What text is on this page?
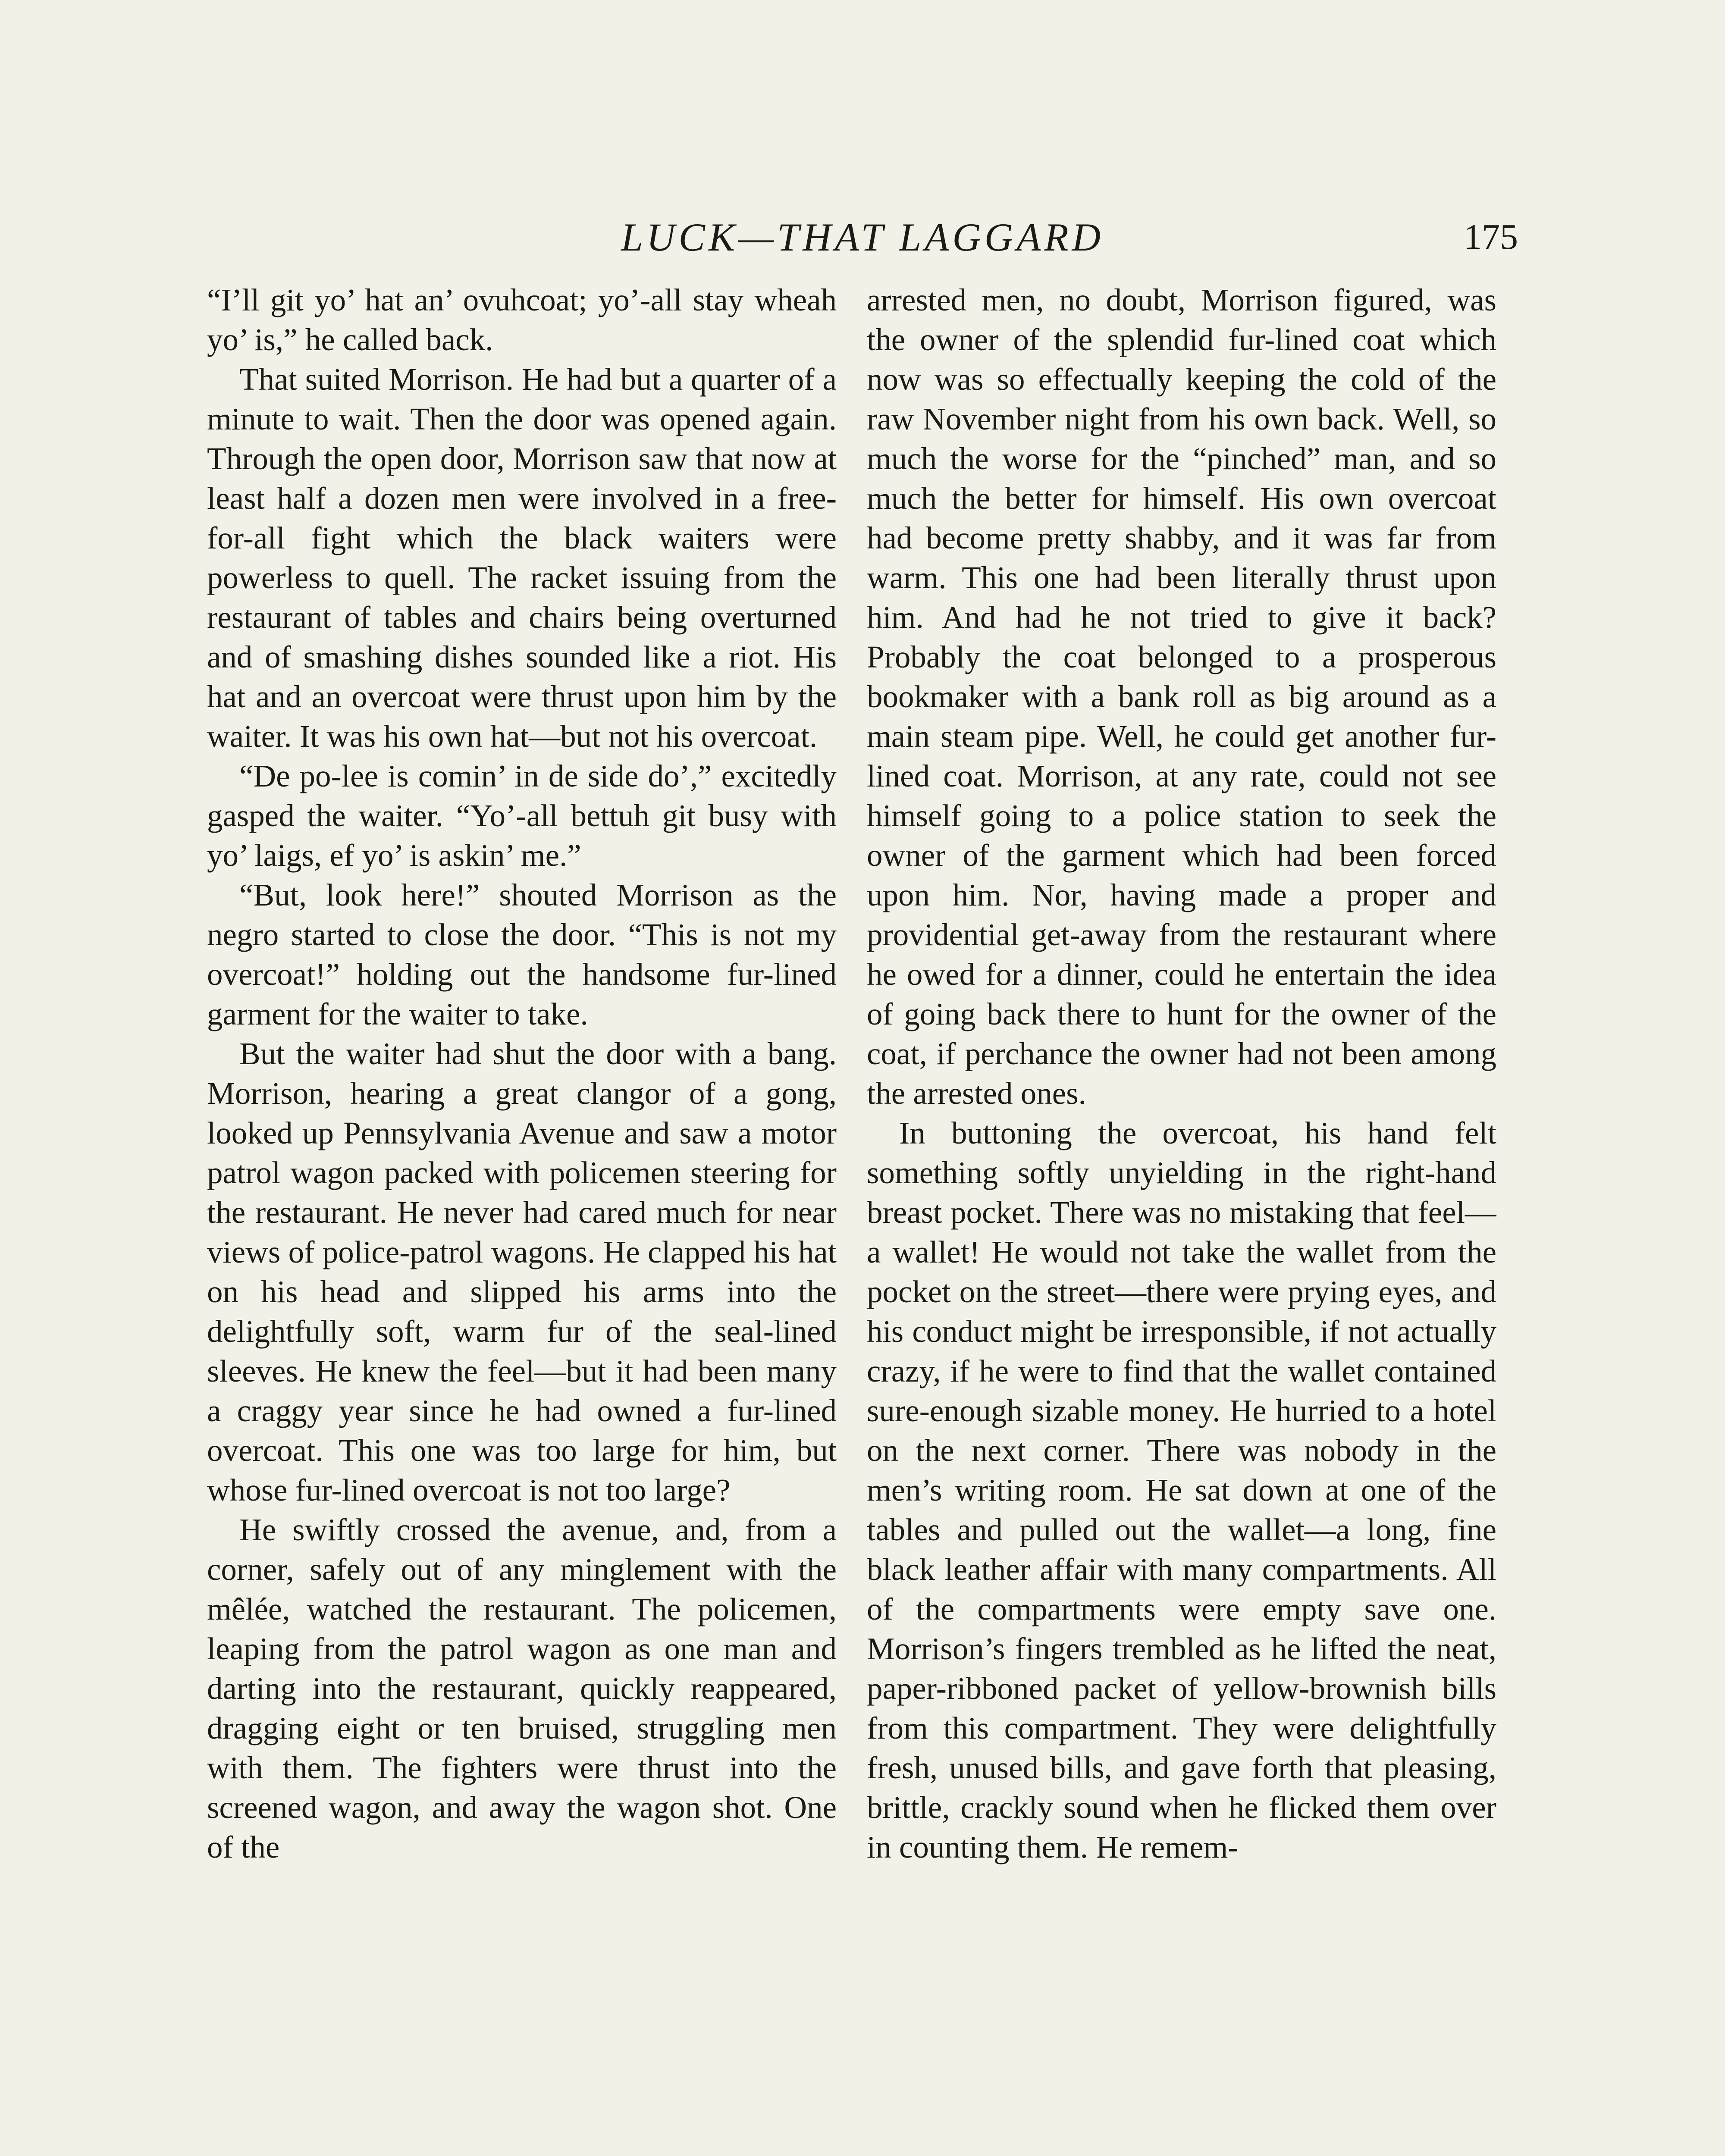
LUCK—THAT LAGGARD	175

“I’ll git yo’ hat an’ ovuhcoat; yo’-all stay wheah yo’ is,” he called back.

That suited Morrison. He had but a quarter of a minute to wait. Then the door was opened again. Through the open door, Morrison saw that now at least half a dozen men were involved in a free-for-all fight which the black waiters were powerless to quell. The racket issuing from the restaurant of tables and chairs being overturned and of smashing dishes sounded like a riot. His hat and an overcoat were thrust upon him by the waiter. It was his own hat—but not his overcoat.

“De po-lee is comin’ in de side do’,” excitedly gasped the waiter. “Yo’-all bettuh git busy with yo’ laigs, ef yo’ is askin’ me.”

“But, look here!” shouted Morrison as the negro started to close the door. “This is not my overcoat!” holding out the handsome fur-lined garment for the waiter to take.

But the waiter had shut the door with a bang. Morrison, hearing a great clangor of a gong, looked up Pennsylvania Avenue and saw a motor patrol wagon packed with policemen steering for the restaurant. He never had cared much for near views of police-patrol wagons. He clapped his hat on his head and slipped his arms into the delightfully soft, warm fur of the seal-lined sleeves. He knew the feel—but it had been many a craggy year since he had owned a fur-lined overcoat. This one was too large for him, but whose fur-lined overcoat is not too large?

He swiftly crossed the avenue, and, from a corner, safely out of any minglement with the mêlée, watched the restaurant. The policemen, leaping from the patrol wagon as one man and darting into the restaurant, quickly reappeared, dragging eight or ten bruised, struggling men with them. The fighters were thrust into the screened wagon, and away the wagon shot. One of the

arrested men, no doubt, Morrison figured, was the owner of the splendid fur-lined coat which now was so effectually keeping the cold of the raw November night from his own back. Well, so much the worse for the “pinched” man, and so much the better for himself. His own overcoat had become pretty shabby, and it was far from warm. This one had been literally thrust upon him. And had he not tried to give it back? Probably the coat belonged to a prosperous bookmaker with a bank roll as big around as a main steam pipe. Well, he could get another fur-lined coat. Morrison, at any rate, could not see himself going to a police station to seek the owner of the garment which had been forced upon him. Nor, having made a proper and providential get-away from the restaurant where he owed for a dinner, could he entertain the idea of going back there to hunt for the owner of the coat, if perchance the owner had not been among the arrested ones.

In buttoning the overcoat, his hand felt something softly unyielding in the right-hand breast pocket. There was no mistaking that feel—a wallet! He would not take the wallet from the pocket on the street—there were prying eyes, and his conduct might be irresponsible, if not actually crazy, if he were to find that the wallet contained sure-enough sizable money. He hurried to a hotel on the next corner. There was nobody in the men’s writing room. He sat down at one of the tables and pulled out the wallet—a long, fine black leather affair with many compartments. All of the compartments were empty save one. Morrison’s fingers trembled as he lifted the neat, paper-ribboned packet of yellow-brownish bills from this compartment. They were delightfully fresh, unused bills, and gave forth that pleasing, brittle, crackly sound when he flicked them over in counting them. He remem-
